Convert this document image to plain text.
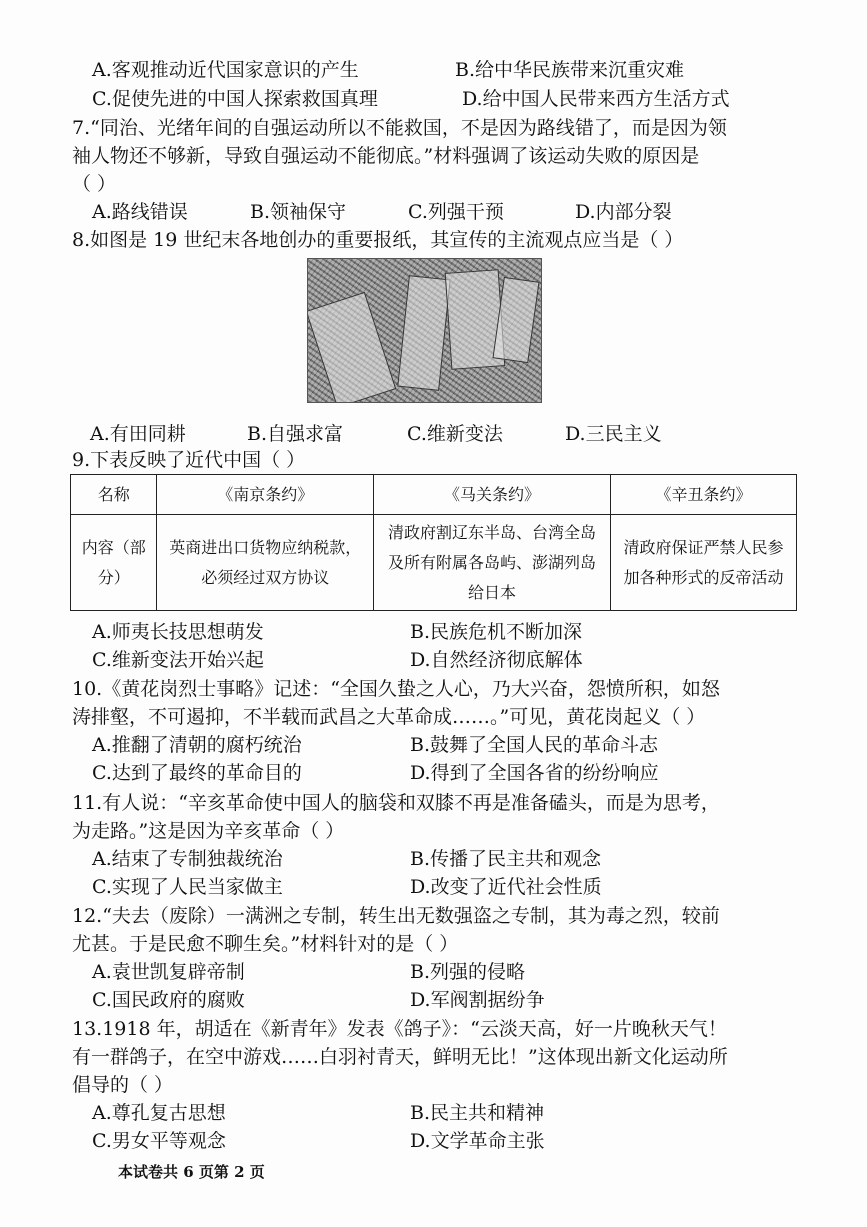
A.客观推动近代国家意识的产生	B.给中华民族带来沉重灾难
C.促使先进的中国人探索救国真理	D.给中国人民带来西方生活方式
7.“同治、光绪年间的自强运动所以不能救国，不是因为路线错了，而是因为领
袖人物还不够新，导致自强运动不能彻底。”材料强调了该运动失败的原因是
（ ）
A.路线错误	B.领袖保守	C.列强干预	D.内部分裂
8.如图是 19 世纪末各地创办的重要报纸，其宣传的主流观点应当是（ ）
A.有田同耕	B.自强求富	C.维新变法	D.三民主义
9.下表反映了近代中国（ ）
名称	《南京条约》	《马关条约》	《辛丑条约》
内容（部分）	英商进出口货物应纳税款，必须经过双方协议	清政府割辽东半岛、台湾全岛及所有附属各岛屿、澎湖列岛给日本	清政府保证严禁人民参加各种形式的反帝活动
A.师夷长技思想萌发	B.民族危机不断加深
C.维新变法开始兴起	D.自然经济彻底解体
10.《黄花岗烈士事略》记述：“全国久蛰之人心，乃大兴奋，怨愤所积，如怒
涛排壑，不可遏抑，不半载而武昌之大革命成……。”可见，黄花岗起义（ ）
A.推翻了清朝的腐朽统治	B.鼓舞了全国人民的革命斗志
C.达到了最终的革命目的	D.得到了全国各省的纷纷响应
11.有人说：“辛亥革命使中国人的脑袋和双膝不再是准备磕头，而是为思考，
为走路。”这是因为辛亥革命（ ）
A.结束了专制独裁统治	B.传播了民主共和观念
C.实现了人民当家做主	D.改变了近代社会性质
12.“夫去（废除）一满洲之专制，转生出无数强盗之专制，其为毒之烈，较前
尤甚。于是民愈不聊生矣。”材料针对的是（ ）
A.袁世凯复辟帝制	B.列强的侵略
C.国民政府的腐败	D.军阀割据纷争
13.1918 年，胡适在《新青年》发表《鸽子》：“云淡天高，好一片晚秋天气！
有一群鸽子，在空中游戏……白羽衬青天，鲜明无比！”这体现出新文化运动所
倡导的（ ）
A.尊孔复古思想	B.民主共和精神
C.男女平等观念	D.文学革命主张
本试卷共 6 页第 2 页
